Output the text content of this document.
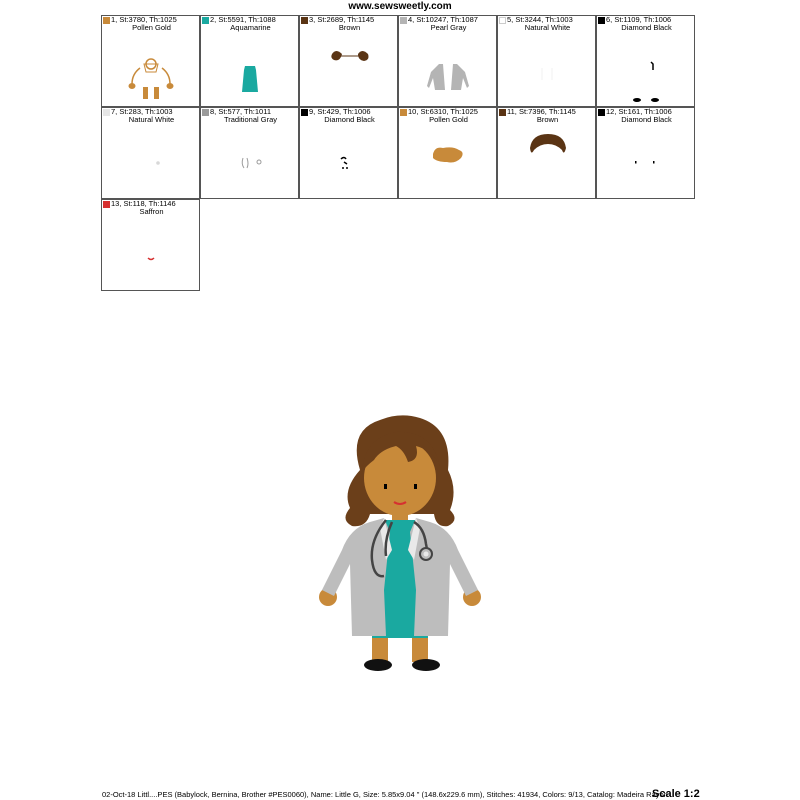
www.sewsweetly.com
1, St:3780, Th:1025
Pollen Gold
2, St:5591, Th:1088
Aquamarine
3, St:2689, Th:1145
Brown
4, St:10247, Th:1087
Pearl Gray
5, St:3244, Th:1003
Natural White
6, St:1109, Th:1006
Diamond Black
7, St:283, Th:1003
Natural White
8, St:577, Th:1011
Traditional Gray
9, St:429, Th:1006
Diamond Black
10, St:6310, Th:1025
Pollen Gold
11, St:7396, Th:1145
Brown
12, St:161, Th:1006
Diamond Black
13, St:118, Th:1146
Saffron
02-Oct-18 Littl....PES (Babylock, Bernina, Brother #PES0060), Name: Little G, Size: 5.85x9.04 " (148.6x229.6 mm), Stitches: 41934, Colors: 9/13, Catalog: Madeira Rayon
Scale 1:2
